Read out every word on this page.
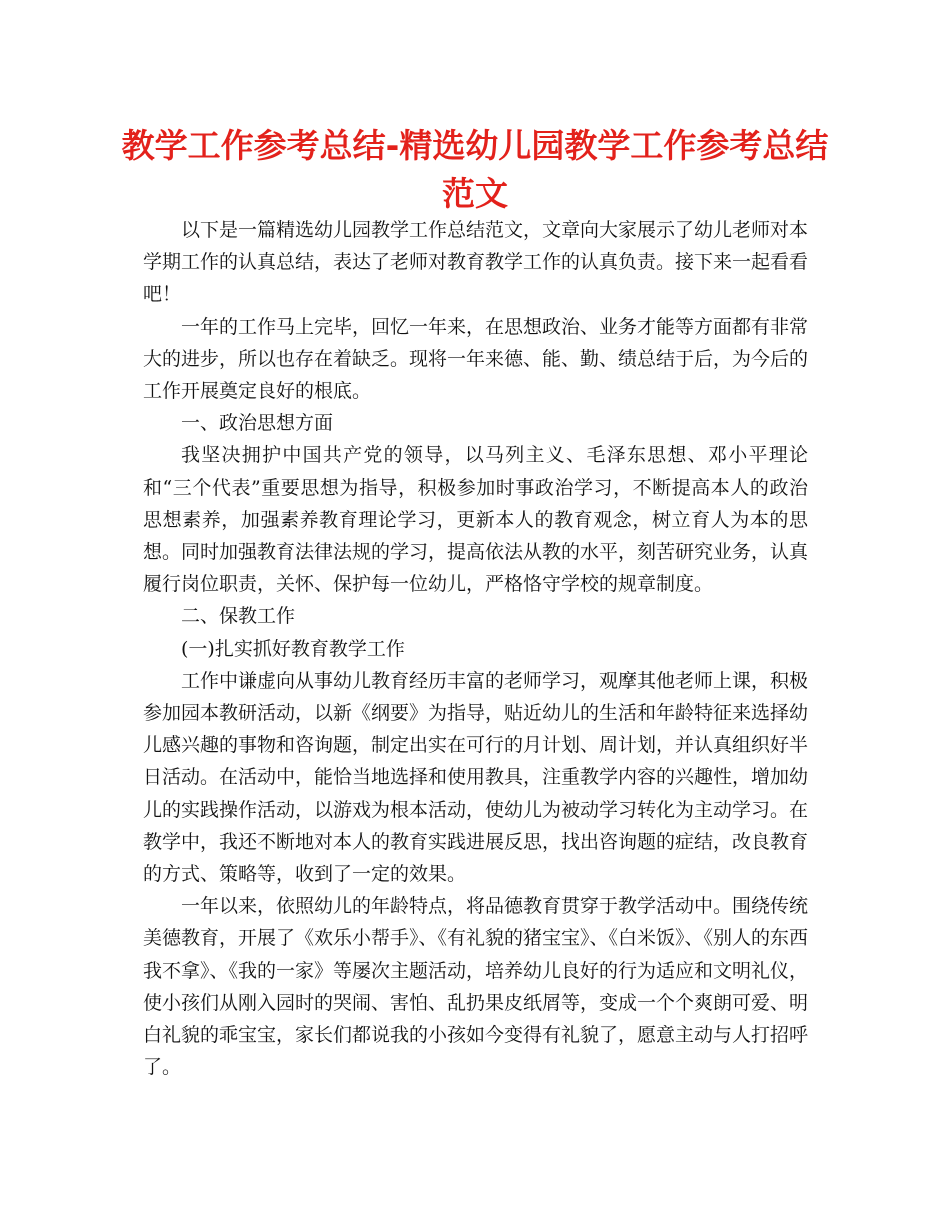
教学工作参考总结-精选幼儿园教学工作参考总结范文

以下是一篇精选幼儿园教学工作总结范文，文章向大家展示了幼儿老师对本学期工作的认真总结，表达了老师对教育教学工作的认真负责。接下来一起看看吧！

一年的工作马上完毕，回忆一年来，在思想政治、业务才能等方面都有非常大的进步，所以也存在着缺乏。现将一年来德、能、勤、绩总结于后，为今后的工作开展奠定良好的根底。

一、政治思想方面

我坚决拥护中国共产党的领导，以马列主义、毛泽东思想、邓小平理论和“三个代表”重要思想为指导，积极参加时事政治学习，不断提高本人的政治思想素养，加强素养教育理论学习，更新本人的教育观念，树立育人为本的思想。同时加强教育法律法规的学习，提高依法从教的水平，刻苦研究业务，认真履行岗位职责，关怀、保护每一位幼儿，严格恪守学校的规章制度。

二、保教工作

(一)扎实抓好教育教学工作

工作中谦虚向从事幼儿教育经历丰富的老师学习，观摩其他老师上课，积极参加园本教研活动，以新《纲要》为指导，贴近幼儿的生活和年龄特征来选择幼儿感兴趣的事物和咨询题，制定出实在可行的月计划、周计划，并认真组织好半日活动。在活动中，能恰当地选择和使用教具，注重教学内容的兴趣性，增加幼儿的实践操作活动，以游戏为根本活动，使幼儿为被动学习转化为主动学习。在教学中，我还不断地对本人的教育实践进展反思，找出咨询题的症结，改良教育的方式、策略等，收到了一定的效果。

一年以来，依照幼儿的年龄特点，将品德教育贯穿于教学活动中。围绕传统美德教育，开展了《欢乐小帮手》、《有礼貌的猪宝宝》、《白米饭》、《别人的东西我不拿》、《我的一家》等屡次主题活动，培养幼儿良好的行为适应和文明礼仪，使小孩们从刚入园时的哭闹、害怕、乱扔果皮纸屑等，变成一个个爽朗可爱、明白礼貌的乖宝宝，家长们都说我的小孩如今变得有礼貌了，愿意主动与人打招呼了。
